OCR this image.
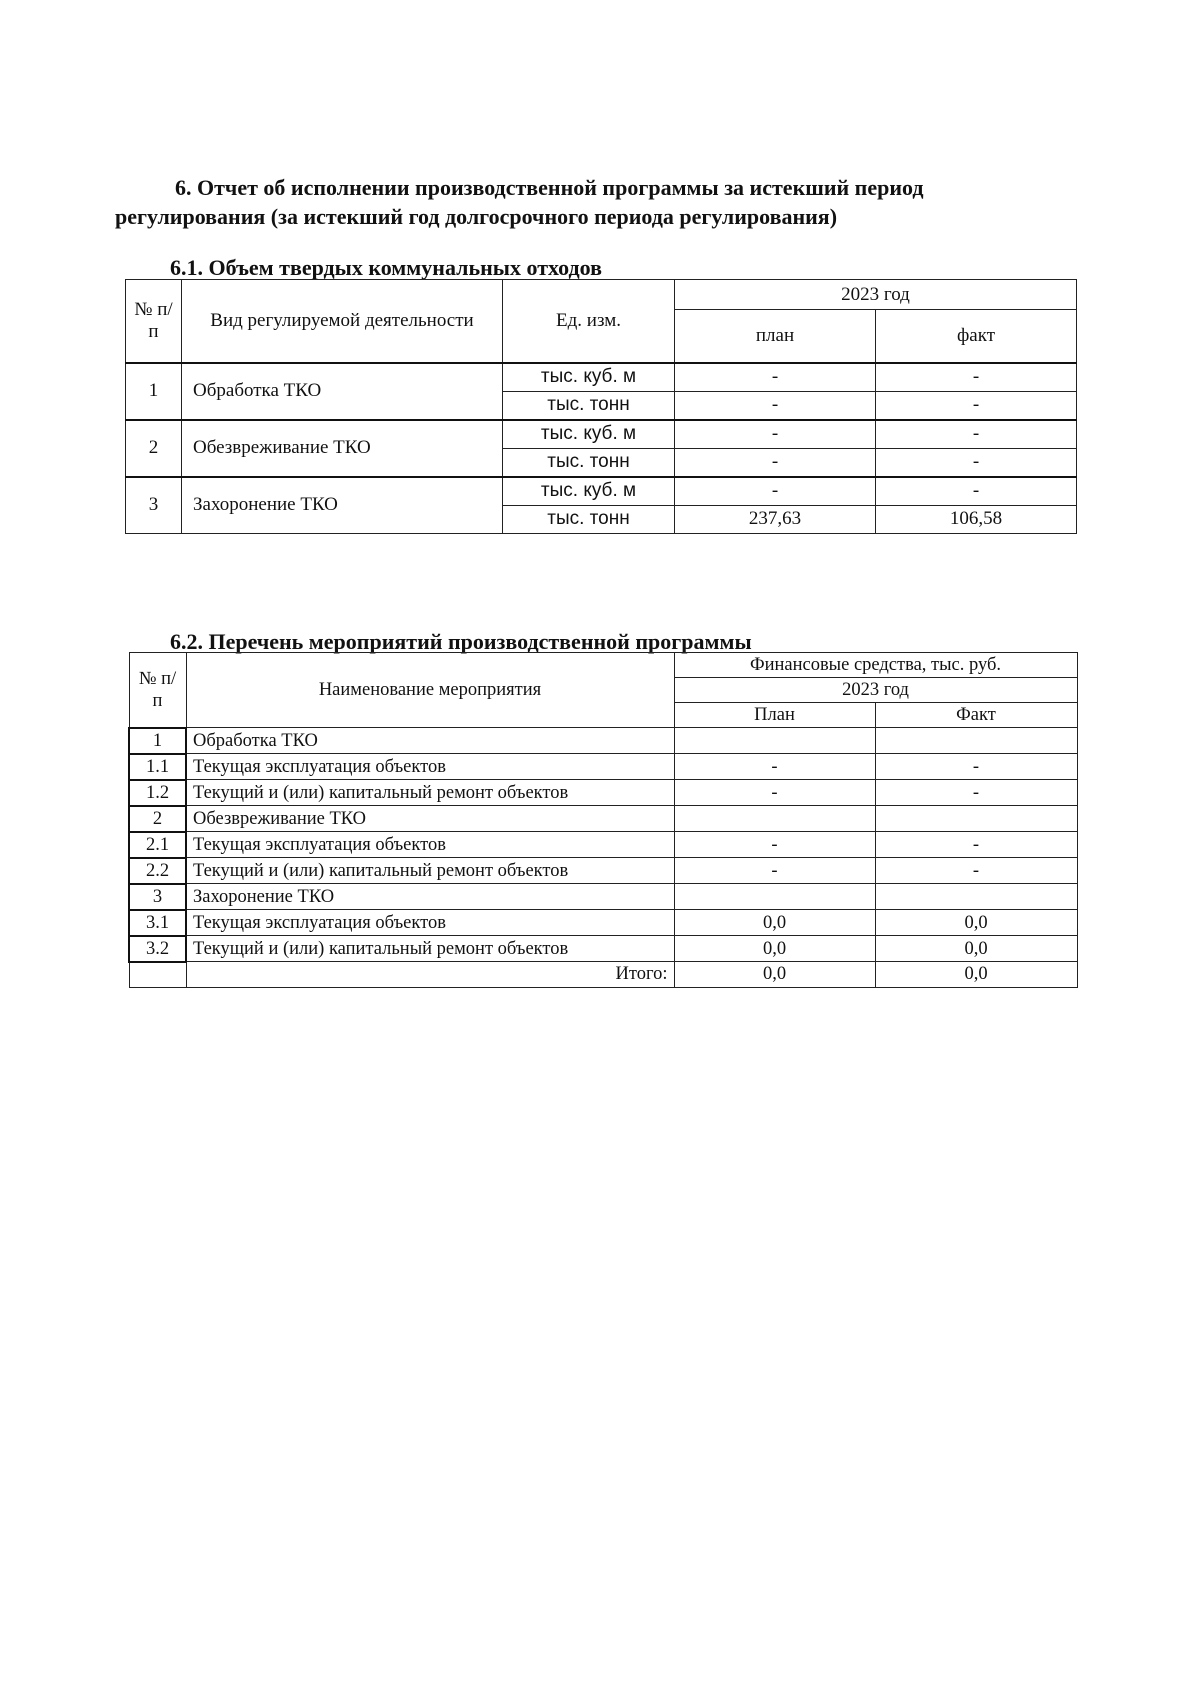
6. Отчет об исполнении производственной программы за истекший период
регулирования (за истекший год долгосрочного периода регулирования)
6.1. Объем твердых коммунальных отходов
№ п/п	Вид регулируемой деятельности	Ед. изм.	2023 год	
			план	факт
1	Обработка ТКО	тыс. куб. м	-	-
		тыс. тонн	-	-
2	Обезвреживание ТКО	тыс. куб. м	-	-
		тыс. тонн	-	-
3	Захоронение ТКО	тыс. куб. м	-	-
		тыс. тонн	237,63	106,58
6.2. Перечень мероприятий производственной программы
№ п/п	Наименование мероприятия	Финансовые средства, тыс. руб.	
		2023 год	
		План	Факт
1	Обработка ТКО		
1.1	Текущая эксплуатация объектов	-	-
1.2	Текущий и (или) капитальный ремонт объектов	-	-
2	Обезвреживание ТКО		
2.1	Текущая эксплуатация объектов	-	-
2.2	Текущий и (или) капитальный ремонт объектов	-	-
3	Захоронение ТКО		
3.1	Текущая эксплуатация объектов	0,0	0,0
3.2	Текущий и (или) капитальный ремонт объектов	0,0	0,0
	Итого:	0,0	0,0
